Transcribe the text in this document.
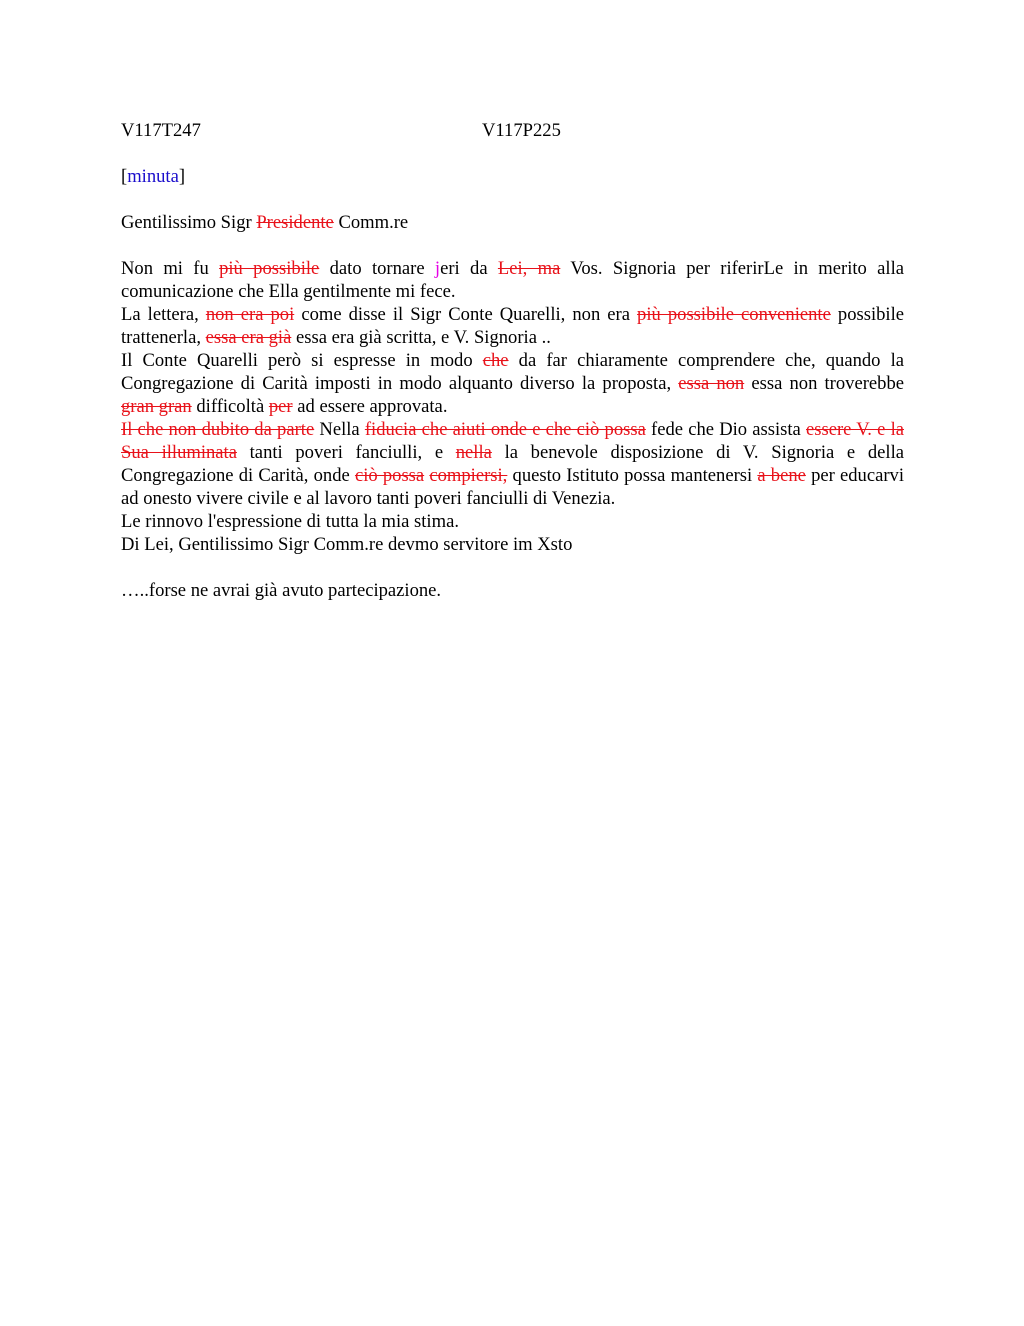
V117T247	V117P225
[minuta]
Gentilissimo Sigr Presidente Comm.re

Non mi fu più possibile dato tornare jeri da Lei, ma Vos. Signoria per riferirLe in merito alla comunicazione che Ella gentilmente mi fece.

La lettera, non era poi come disse il Sigr Conte Quarelli, non era più possibile conveniente possibile trattenerla, essa era già essa era già scritta, e V. Signoria ..

Il Conte Quarelli però si espresse in modo che da far chiaramente comprendere che, quando la Congregazione di Carità imposti in modo alquanto diverso la proposta, essa non essa non troverebbe gran gran difficoltà per ad essere approvata.

Il che non dubito da parte Nella fiducia che aiuti onde e che ciò possa fede che Dio assista essere V. e la Sua illuminata tanti poveri fanciulli, e nella la benevole disposizione di V. Signoria e della Congregazione di Carità, onde ciò possa compiersi, questo Istituto possa mantenersi a bene per educarvi ad onesto vivere civile e al lavoro tanti poveri fanciulli di Venezia.

Le rinnovo l'espressione di tutta la mia stima.

Di Lei, Gentilissimo Sigr Comm.re devmo servitore im Xsto

…..forse ne avrai già avuto partecipazione.
